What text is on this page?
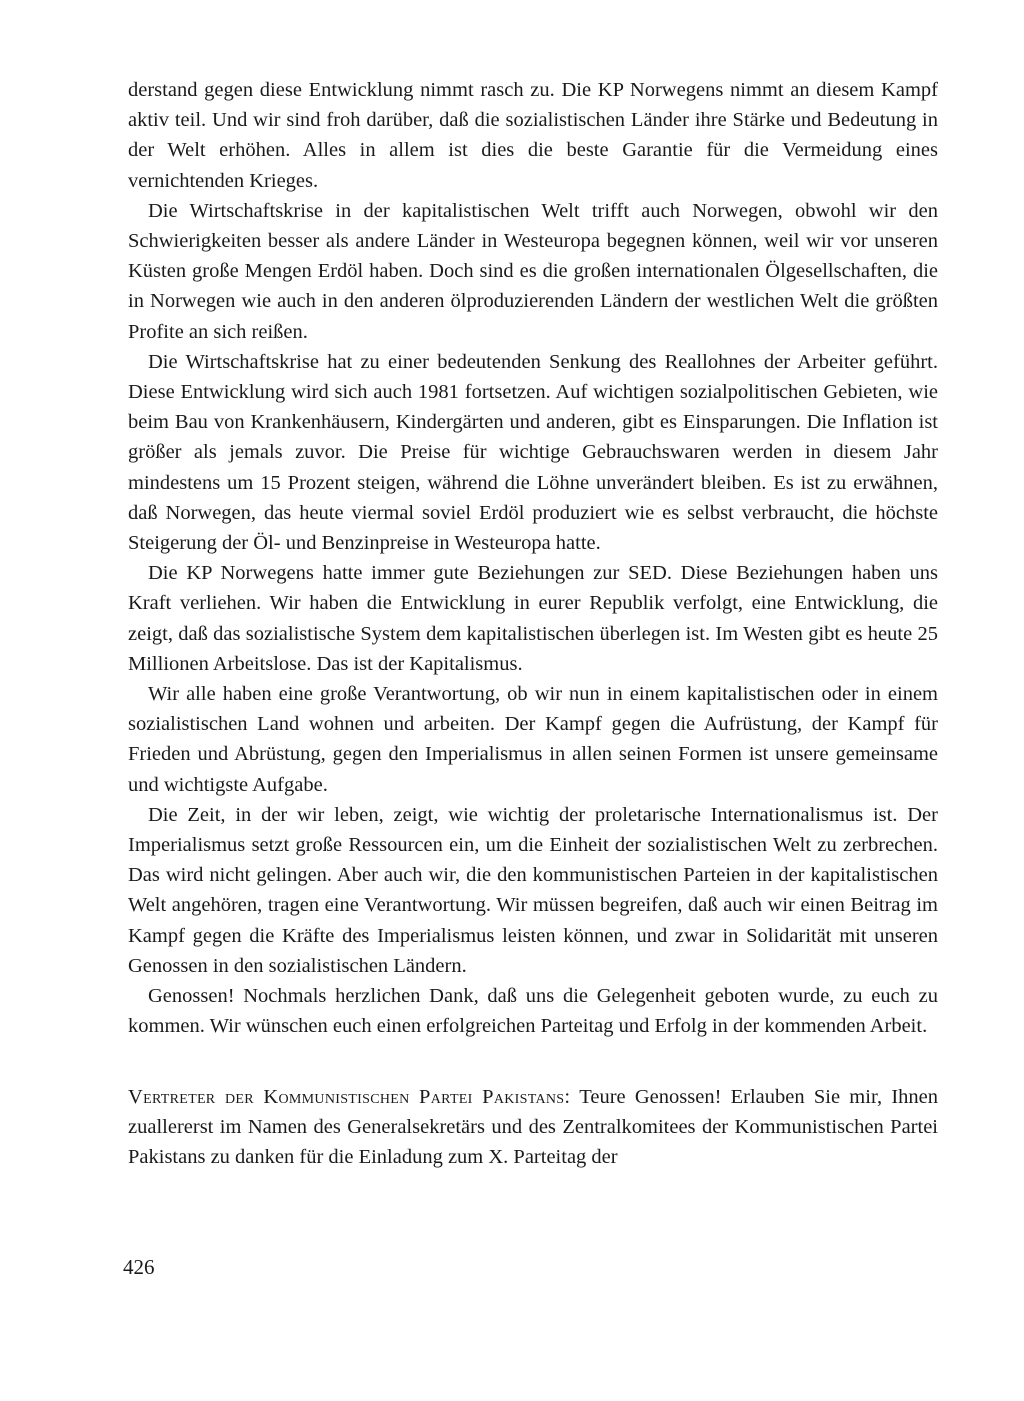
derstand gegen diese Entwicklung nimmt rasch zu. Die KP Norwegens nimmt an diesem Kampf aktiv teil. Und wir sind froh darüber, daß die sozialistischen Länder ihre Stärke und Bedeutung in der Welt erhöhen. Alles in allem ist dies die beste Garantie für die Vermeidung eines vernichtenden Krieges.

Die Wirtschaftskrise in der kapitalistischen Welt trifft auch Norwegen, obwohl wir den Schwierigkeiten besser als andere Länder in Westeuropa begegnen können, weil wir vor unseren Küsten große Mengen Erdöl haben. Doch sind es die großen internationalen Ölgesellschaften, die in Norwegen wie auch in den anderen ölproduzierenden Ländern der westlichen Welt die größten Profite an sich reißen.

Die Wirtschaftskrise hat zu einer bedeutenden Senkung des Reallohnes der Arbeiter geführt. Diese Entwicklung wird sich auch 1981 fortsetzen. Auf wichtigen sozialpolitischen Gebieten, wie beim Bau von Krankenhäusern, Kindergärten und anderen, gibt es Einsparungen. Die Inflation ist größer als jemals zuvor. Die Preise für wichtige Gebrauchswaren werden in diesem Jahr mindestens um 15 Prozent steigen, während die Löhne unverändert bleiben. Es ist zu erwähnen, daß Norwegen, das heute viermal soviel Erdöl produziert wie es selbst verbraucht, die höchste Steigerung der Öl- und Benzinpreise in Westeuropa hatte.

Die KP Norwegens hatte immer gute Beziehungen zur SED. Diese Beziehungen haben uns Kraft verliehen. Wir haben die Entwicklung in eurer Republik verfolgt, eine Entwicklung, die zeigt, daß das sozialistische System dem kapitalistischen überlegen ist. Im Westen gibt es heute 25 Millionen Arbeitslose. Das ist der Kapitalismus.

Wir alle haben eine große Verantwortung, ob wir nun in einem kapitalistischen oder in einem sozialistischen Land wohnen und arbeiten. Der Kampf gegen die Aufrüstung, der Kampf für Frieden und Abrüstung, gegen den Imperialismus in allen seinen Formen ist unsere gemeinsame und wichtigste Aufgabe.

Die Zeit, in der wir leben, zeigt, wie wichtig der proletarische Internationalismus ist. Der Imperialismus setzt große Ressourcen ein, um die Einheit der sozialistischen Welt zu zerbrechen. Das wird nicht gelingen. Aber auch wir, die den kommunistischen Parteien in der kapitalistischen Welt angehören, tragen eine Verantwortung. Wir müssen begreifen, daß auch wir einen Beitrag im Kampf gegen die Kräfte des Imperialismus leisten können, und zwar in Solidarität mit unseren Genossen in den sozialistischen Ländern.

Genossen! Nochmals herzlichen Dank, daß uns die Gelegenheit geboten wurde, zu euch zu kommen. Wir wünschen euch einen erfolgreichen Parteitag und Erfolg in der kommenden Arbeit.

Vertreter der Kommunistischen Partei Pakistans: Teure Genossen! Erlauben Sie mir, Ihnen zuallererst im Namen des Generalsekretärs und des Zentralkomitees der Kommunistischen Partei Pakistans zu danken für die Einladung zum X. Parteitag der

426
